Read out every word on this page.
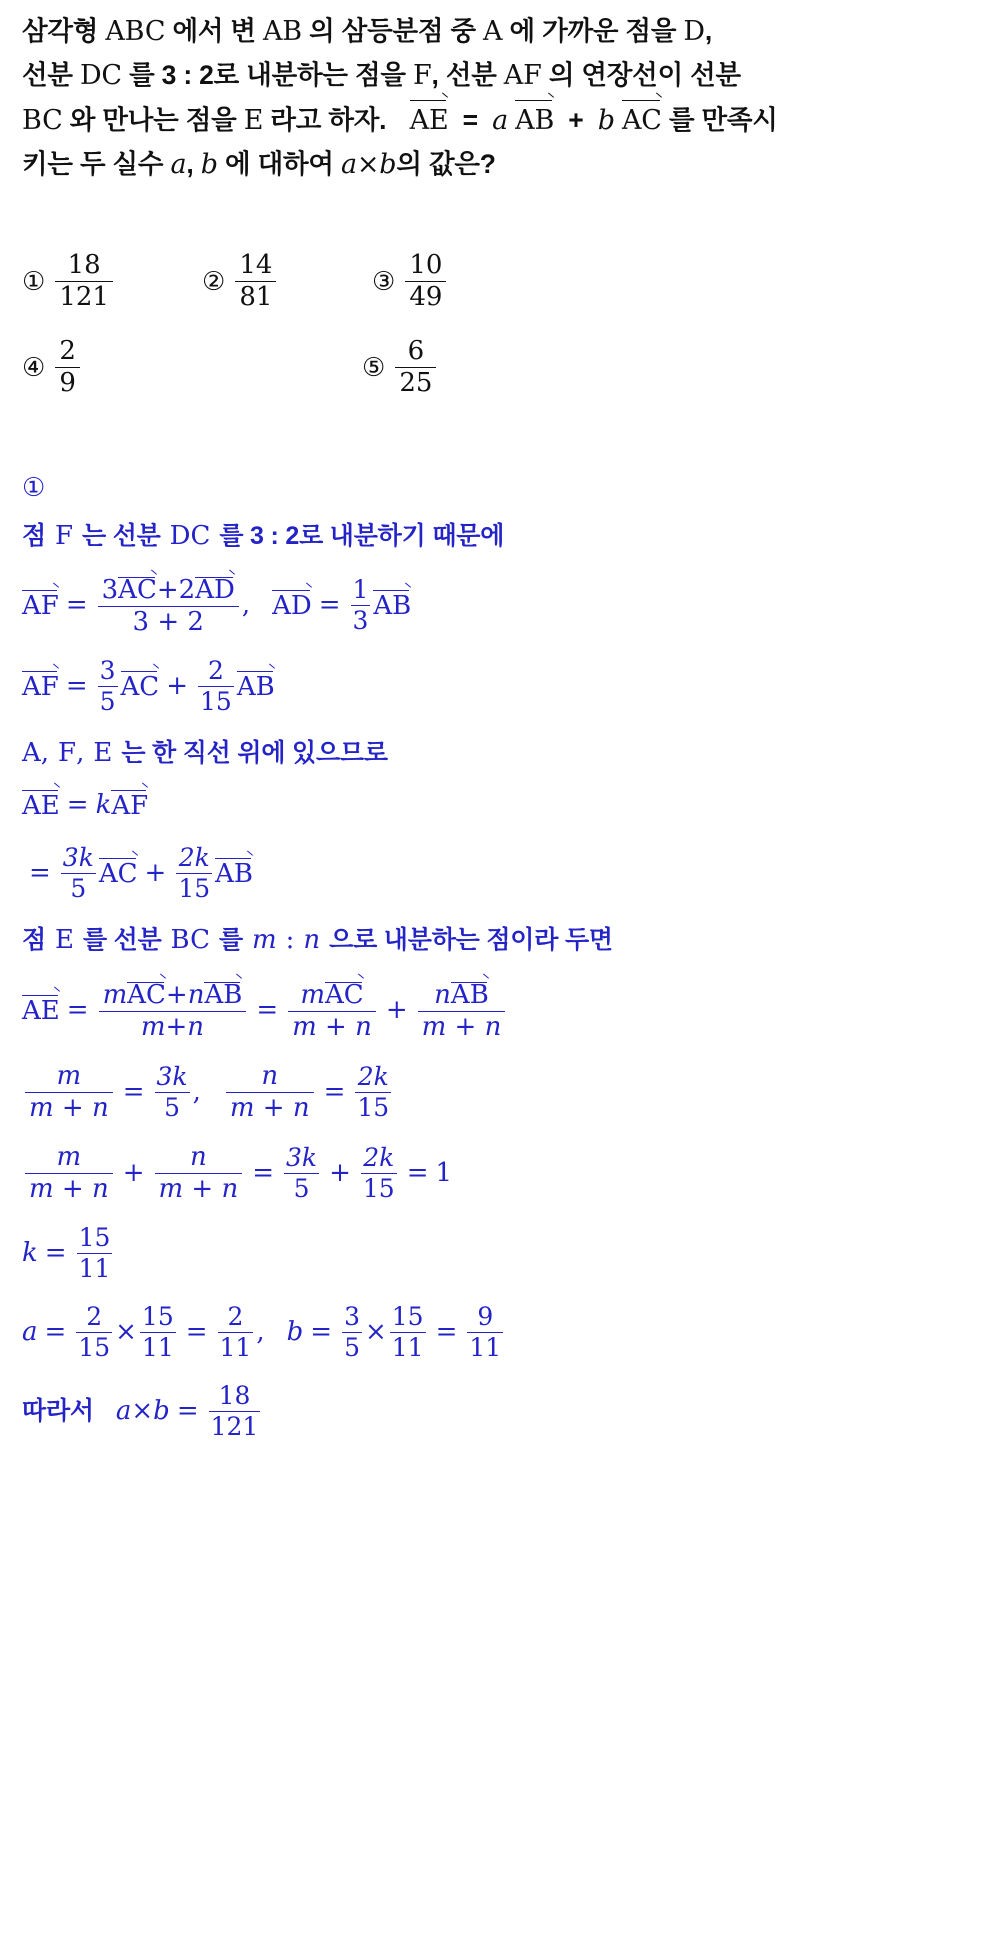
삼각형 ABC 에서 변 AB 의 삼등분점 중 A 에 가까운 점을 D,
선분 DC 를 3 : 2로 내분하는 점을 F, 선분 AF 의 연장선이 선분
BC 와 만나는 점을 E 라고 하자. AE = a AB + b AC 를 만족시
키는 두 실수 a, b 에 대하여 a×b의 값은?
① $\frac{18}{121}$	② $\frac{14}{81}$	③ $\frac{10}{49}$
④ $\frac{2}{9}$	⑤ $\frac{6}{25}$
①
점 F 는 선분 DC 를 3 : 2로 내분하기 때문에
AF = 3
AC+2
AD
3 + 2 , AD = $\frac{1}{3}$ AB
AF = $\frac{3}{5}$ AC + $\frac{2}{15}$ AB
A , F , E 는 한 직선 위에 있으므로
AE = k AF
= $\frac{3k}{5}$ AC + $\frac{2k}{15}$ AB
점 E 를 선분 BC 를 m : n 으로 내분하는 점이라 두면
AE = m
AC+n
AB
m+n = m
AC
m + n + n
AB
m + n
$\frac{m}{m + n} = \frac{3k}{5}$ , $\frac{n}{m + n} = \frac{2k}{15}$
$\frac{m}{m + n} + \frac{n}{m + n} = \frac{3k}{5} + \frac{2k}{15} = 1$
$k = \frac{15}{11}$
$a = \frac{2}{15} \times \frac{15}{11} = \frac{2}{11}$ , $b = \frac{3}{5} \times \frac{15}{11} = \frac{9}{11}$
따라서 $a \times b = \frac{18}{121}$
